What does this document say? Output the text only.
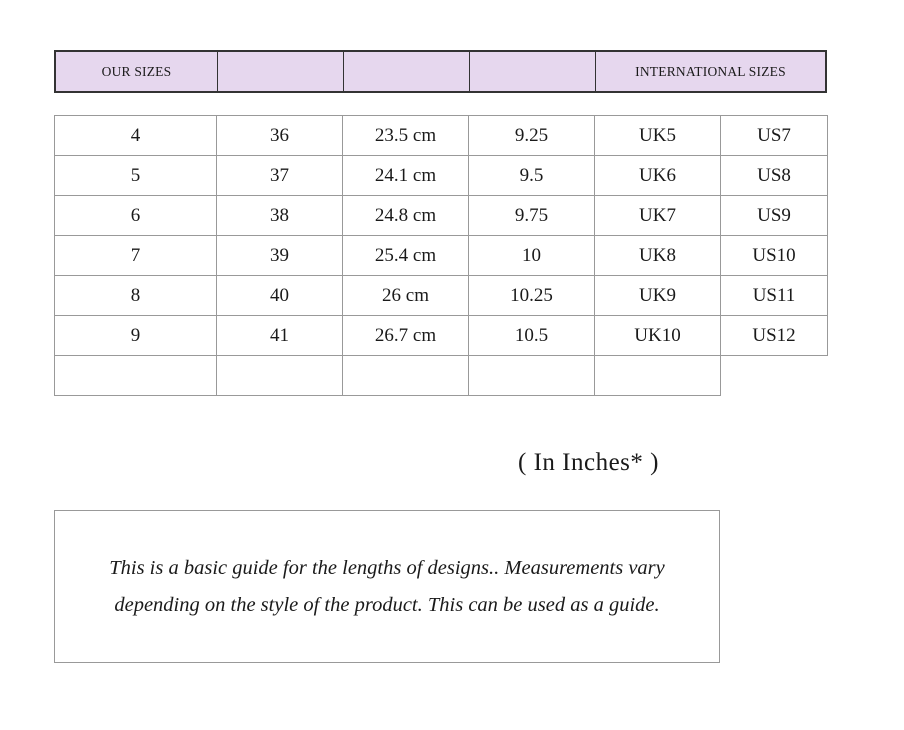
OUR SIZES	INTERNATIONAL SIZES
4	36	23.5 cm	9.25	UK5	US7
5	37	24.1 cm	9.5	UK6	US8
6	38	24.8 cm	9.75	UK7	US9
7	39	25.4 cm	10	UK8	US10
8	40	26 cm	10.25	UK9	US11
9	41	26.7 cm	10.5	UK10	US12

( In Inches* )
This is a basic guide for the lengths of designs.. Measurements vary
depending on the style of the product. This can be used as a guide.
